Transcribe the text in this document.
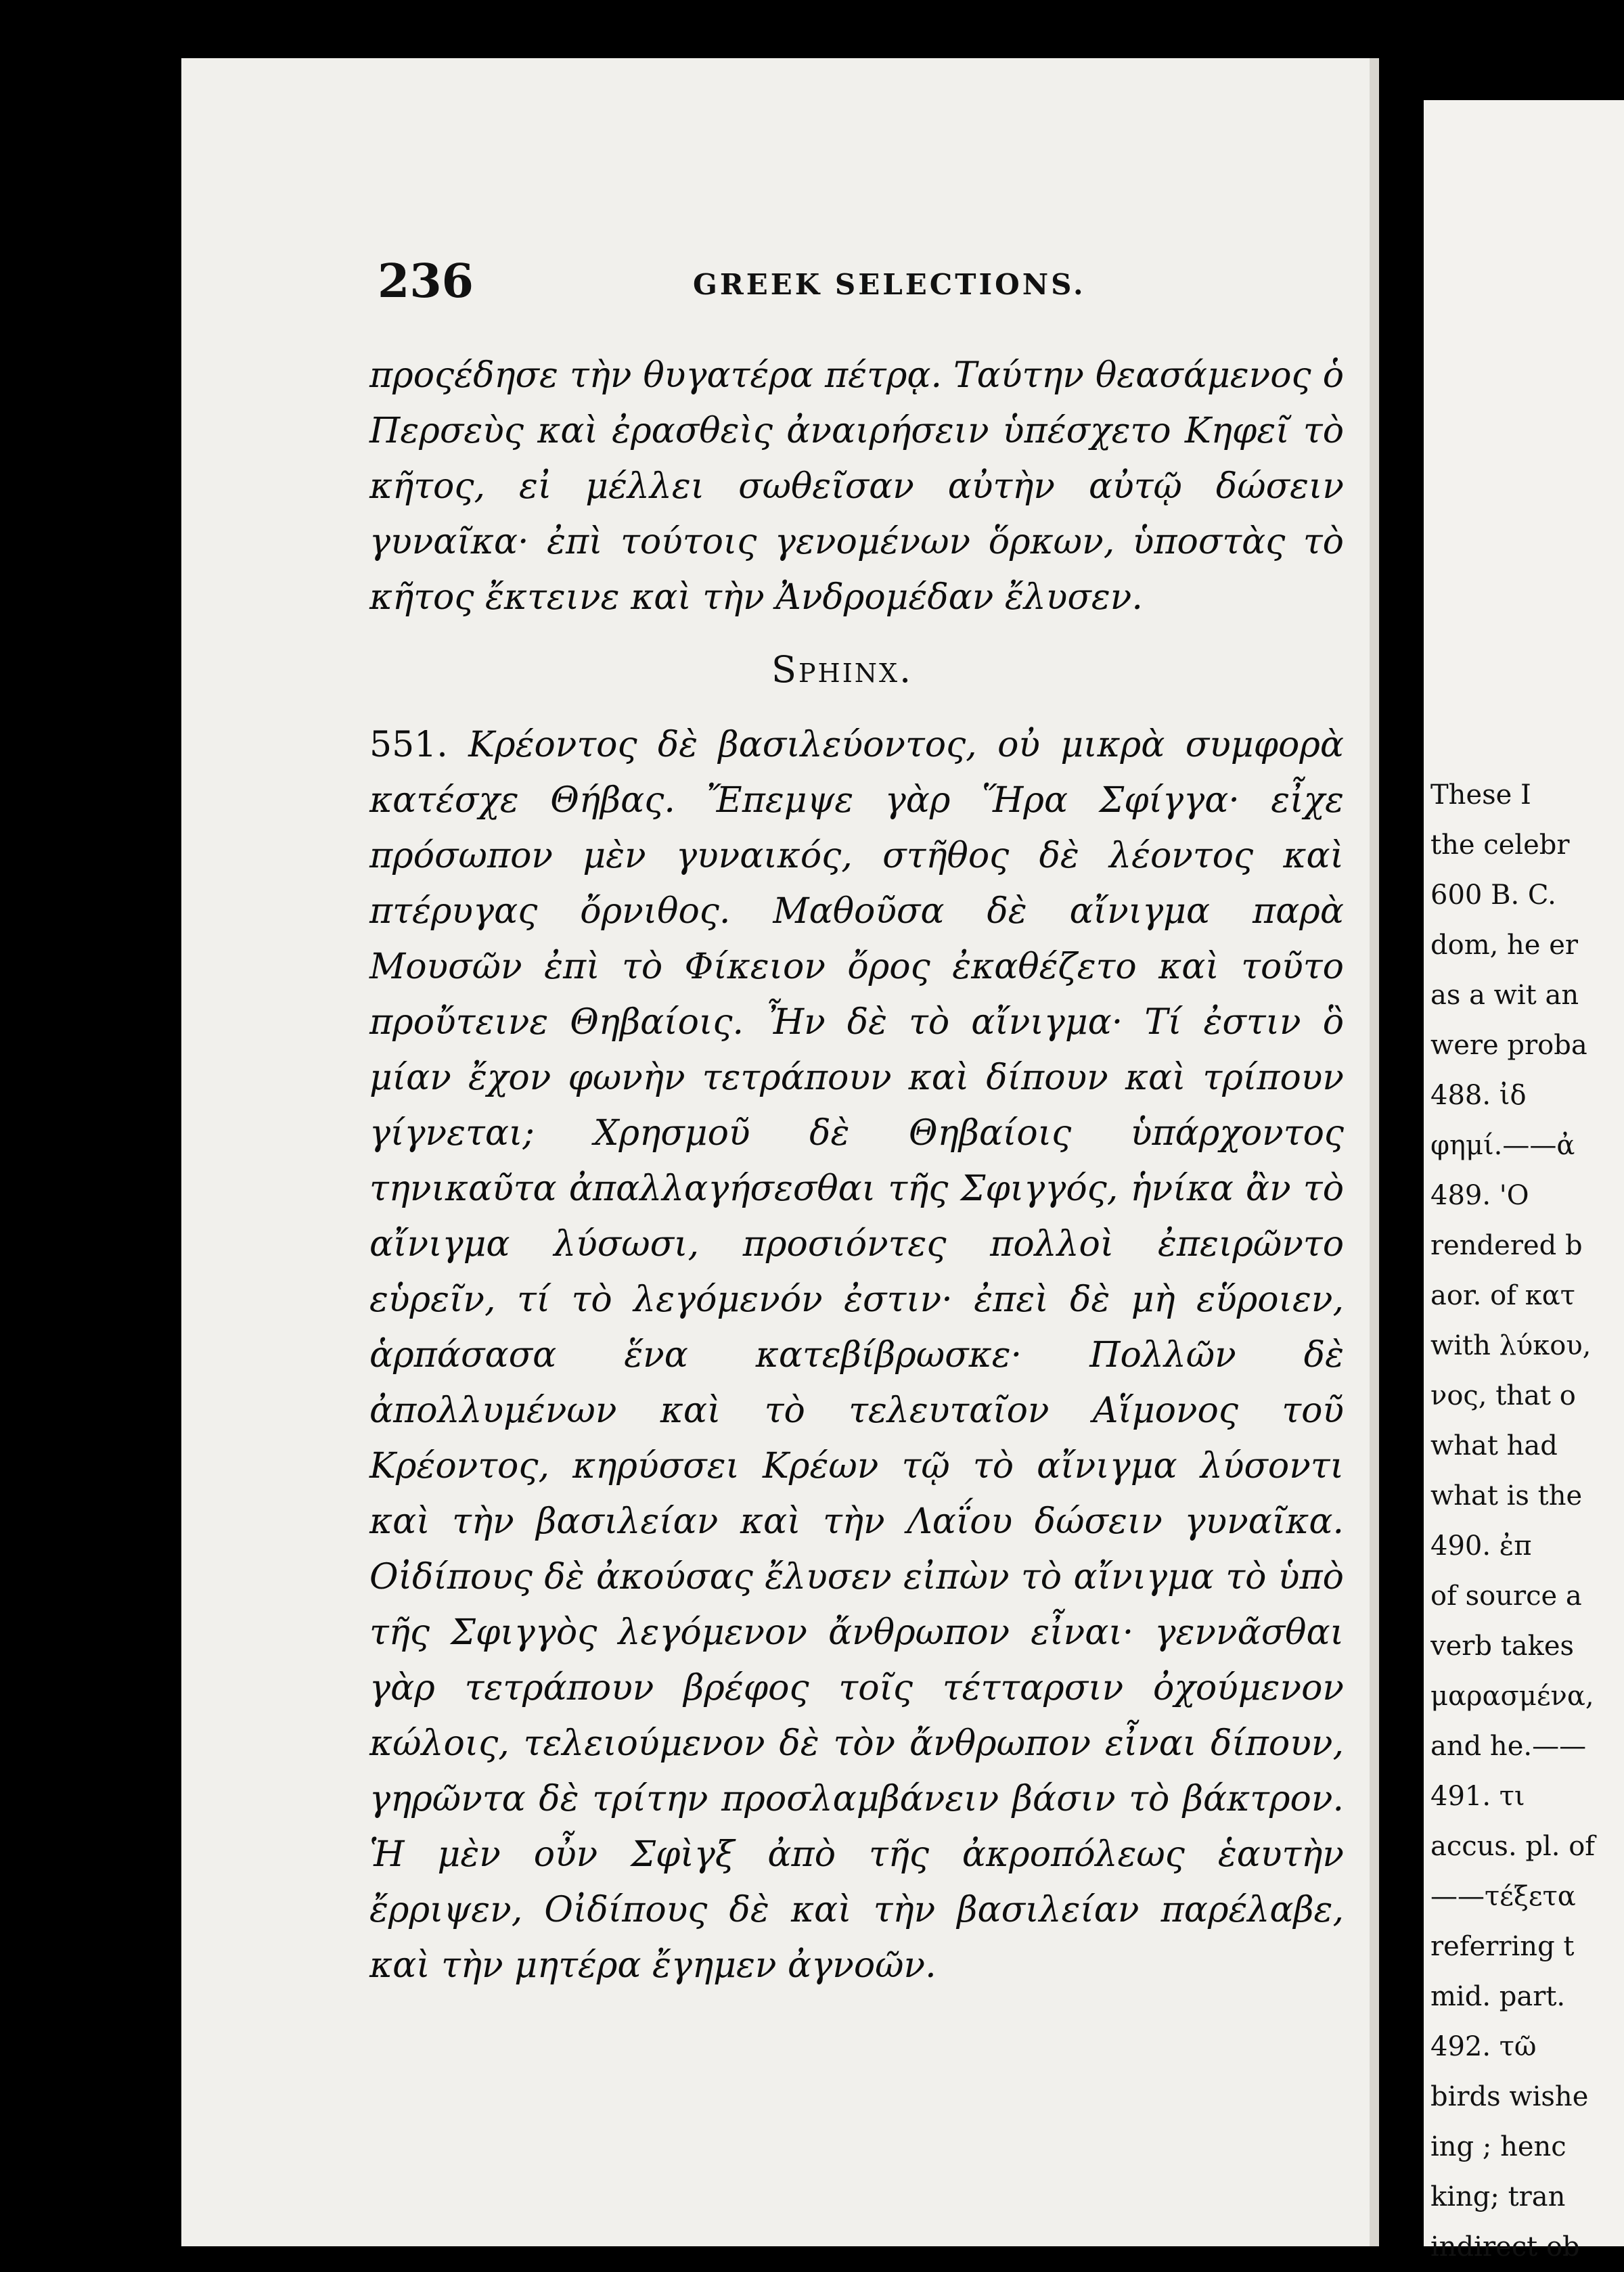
236	GREEK SELECTIONS.

προςέδησε τὴν θυγατέρα πέτρᾳ. Ταύτην θεασάμενος ὁ Περσεὺς καὶ ἐρασθεὶς ἀναιρήσειν ὑπέσχετο Κηφεῖ τὸ κῆτος, εἰ μέλλει σωθεῖσαν αὐτὴν αὐτῷ δώσειν γυναῖκα· ἐπὶ τούτοις γενομένων ὅρκων, ὑποστὰς τὸ κῆτος ἔκτεινε καὶ τὴν Ἀνδρομέδαν ἔλυσεν.

Sphinx.

551. Κρέοντος δὲ βασιλεύοντος, οὐ μικρὰ συμφορὰ κατέσχε Θήβας. Ἔπεμψε γὰρ Ἥρα Σφίγγα· εἶχε πρόσωπον μὲν γυναικός, στῆθος δὲ λέοντος καὶ πτέρυγας ὄρνιθος. Μαθοῦσα δὲ αἴνιγμα παρὰ Μουσῶν ἐπὶ τὸ Φίκειον ὄρος ἐκαθέζετο καὶ τοῦτο προὔτεινε Θηβαίοις. Ἦν δὲ τὸ αἴνιγμα· Τί ἐστιν ὃ μίαν ἔχον φωνὴν τετράπουν καὶ δίπουν καὶ τρίπουν γίγνεται; Χρησμοῦ δὲ Θηβαίοις ὑπάρχοντος τηνικαῦτα ἀπαλλαγήσεσθαι τῆς Σφιγγός, ἡνίκα ἂν τὸ αἴνιγμα λύσωσι, προσιόντες πολλοὶ ἐπειρῶντο εὑρεῖν, τί τὸ λεγόμενόν ἐστιν· ἐπεὶ δὲ μὴ εὕροιεν, ἁρπάσασα ἕνα κατεβίβρωσκε· Πολλῶν δὲ ἀπολλυμένων καὶ τὸ τελευταῖον Αἵμονος τοῦ Κρέοντος, κηρύσσει Κρέων τῷ τὸ αἴνιγμα λύσοντι καὶ τὴν βασιλείαν καὶ τὴν Λαΐου δώσειν γυναῖκα. Οἰδίπους δὲ ἀκούσας ἔλυσεν εἰπὼν τὸ αἴνιγμα τὸ ὑπὸ τῆς Σφιγγὸς λεγόμενον ἄνθρωπον εἶναι· γεννᾶσθαι γὰρ τετράπουν βρέφος τοῖς τέτταρσιν ὀχούμενον κώλοις, τελειούμενον δὲ τὸν ἄνθρωπον εἶναι δίπουν, γηρῶντα δὲ τρίτην προσλαμβάνειν βάσιν τὸ βάκτρον. Ἡ μὲν οὖν Σφὶγξ ἀπὸ τῆς ἀκροπόλεως ἑαυτὴν ἔρριψεν, Οἰδίπους δὲ καὶ τὴν βασιλείαν παρέλαβε, καὶ τὴν μητέρα ἔγημεν ἀγνοῶν.

These I
the celebr
600 B. C.
dom, he er
as a wit an
were proba
488. ἰδ
φημί.——ἀ
489. 'O
rendered b
aor. of κατ
with λύκου,
νος, that o
what had
what is the
490. ἐπ
of source a
verb takes
μαρασμένα,
and he.——
491. τι
accus. pl. of
——τέξετα
referring t
mid. part.
492. τῶ
birds wishe
ing ; henc
king; tran
indirect ob
